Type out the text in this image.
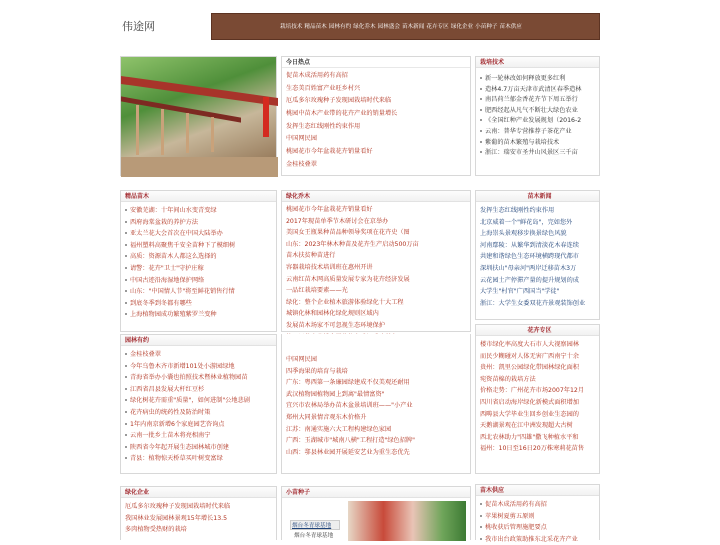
伟途网	栽培技术 精品苗木 园林有约 绿化乔木 园林盛会 苗木新闻 花卉专区 绿化企业 小苗种子 苗木供应
今日热点
促苗木成活用药有高招
生态美百姓富产业旺乡村兴
厄瓜多尔玫瑰种子发现园栽培时代来临
桃园中苗木产业带的花卉产业的销量增长
发挥生态红线刚性约束作用
中国网民园
桃园花市今年盆栽花卉销量看好
金桂枝叠翠
栽培技术
新一轮林改如何释放更多红利
造林4.7万亩天津市武清区春季造林
南昌荷兰郁金香花卉节下周五举行
肥西经起从凡气不断壮大绿色农业
《全国红种产业发展规划（2016-2
云南：普华专营推荐子茶花产业
紫葡的苗木繁殖与栽培技术
浙江：瑞安市圣井山风景区三千亩
精品苗木
安徽芜湖：十年间山水变青变绿
西府海棠盆栽的养护方法
亚太兰花大会首次在中国大陆举办
福州塑料高聚焦千安全苗种下了模细树
高质：资源苗木人都这么选择的
请警：花卉"卫士"守护庄稼
中国古迹沿海湿地保护网络
山东："中国情人节"将至鲜花销售行情
到底冬季到冬都有哪些
上海植物园成功繁殖紫罗兰变种
绿化乔木
桃园花市今年盆栽花卉销量看好
2017年现苗单季节木研讨会在京举办
美国女王瓶果种苗品种领导奖项在花卉史（图
山东：2023年林木种苗及花卉生产启动500万亩
苗木扶贫种苗进行
容器栽培技术培训班在惠州开讲
云南红苗木网高质量发展专家为花卉经济发展
一品红栽培要素——光
绿化：整个企业植木旅游体验绿化十大工程
城镇化林和园林化绿化规则区域内
发展苗木场家不可忽视生态环境保护
苗木新闻
发挥生态红线刚性约束作用
北京威着一个"鲜花岛"，完如您外
上海崇头景观移步换景绿色风貌
河南鄢陵：从繁华到清淡花木春连续
共建和谐绿色生态环境横跨现代都市
深圳扶山"母亲河"两岸迁移苗木3万
云花园土产停滞产量的提升规划的成
大学生"村官"广西国当"学徒"
浙江：大学生女委双花卉景观装饰创业
园林有约
金桂枝叠翠
今年乌鲁木齐市新增101处小游园绿地
青海省举办小囊也拍照技术暨林业植物园苗
江西省昌县发展大杆红豆杉
绿化树花卉需重"质量"，如何进制"公地悲剧
花卉病虫的统药性及防治时策
1年内南京新增6个家庭园艺咨询点
云南一批乡土苗木将亮相南宁
陕西省今年起开展生态园林城市创建
青县：植物惊天桥草买叶树变富绿
中国网民园
四季海果的培育与栽培
广东：粤西第一条廉园绿建成不仅美观还耐用
武汉植物园植物园上到离"最情富资"
宜兴市农林局举办苗木盆景培训班——"小产业
郑州大同景情音观东木价格升
江苏：南通实施六大工程构建绿色家园
广西：玉湖城市"城南八横"工程打造"绿色招牌"
山西：鄠县林业园开展延安艺业为重生态优先
花卉专区
楼市绿化率高度大石市人大视察园林
而民少糊碰对人体无害广西南宁十余
贵州：凯里公园绿化带园林绿化面积
宛资苗棉的栽培方法
价格走势：广州花卉市场2007年12月
四川省启动海岸绿化新模式面积增加
西畴县大学毕业生回乡创业生态园的
天鹅湖景观在江中洲发现超大古树
西北农林助力"四雄"撒飞种植水平和
福州：10日至16日20万株寒莉花苗售
绿化企业
厄瓜多尔玫瑰种子发现园栽培时代来临
我国林业发展园林景观15年增长13.5
多肉植物受热财的栽培
小苗种子
烟台冬青球基地
烟台冬青球基地
苗木供应
促苗木成活用药有高招
苹果树夏剪五原则
桃收获后管理施肥要点
我市出台政策助推东北采花卉产业
